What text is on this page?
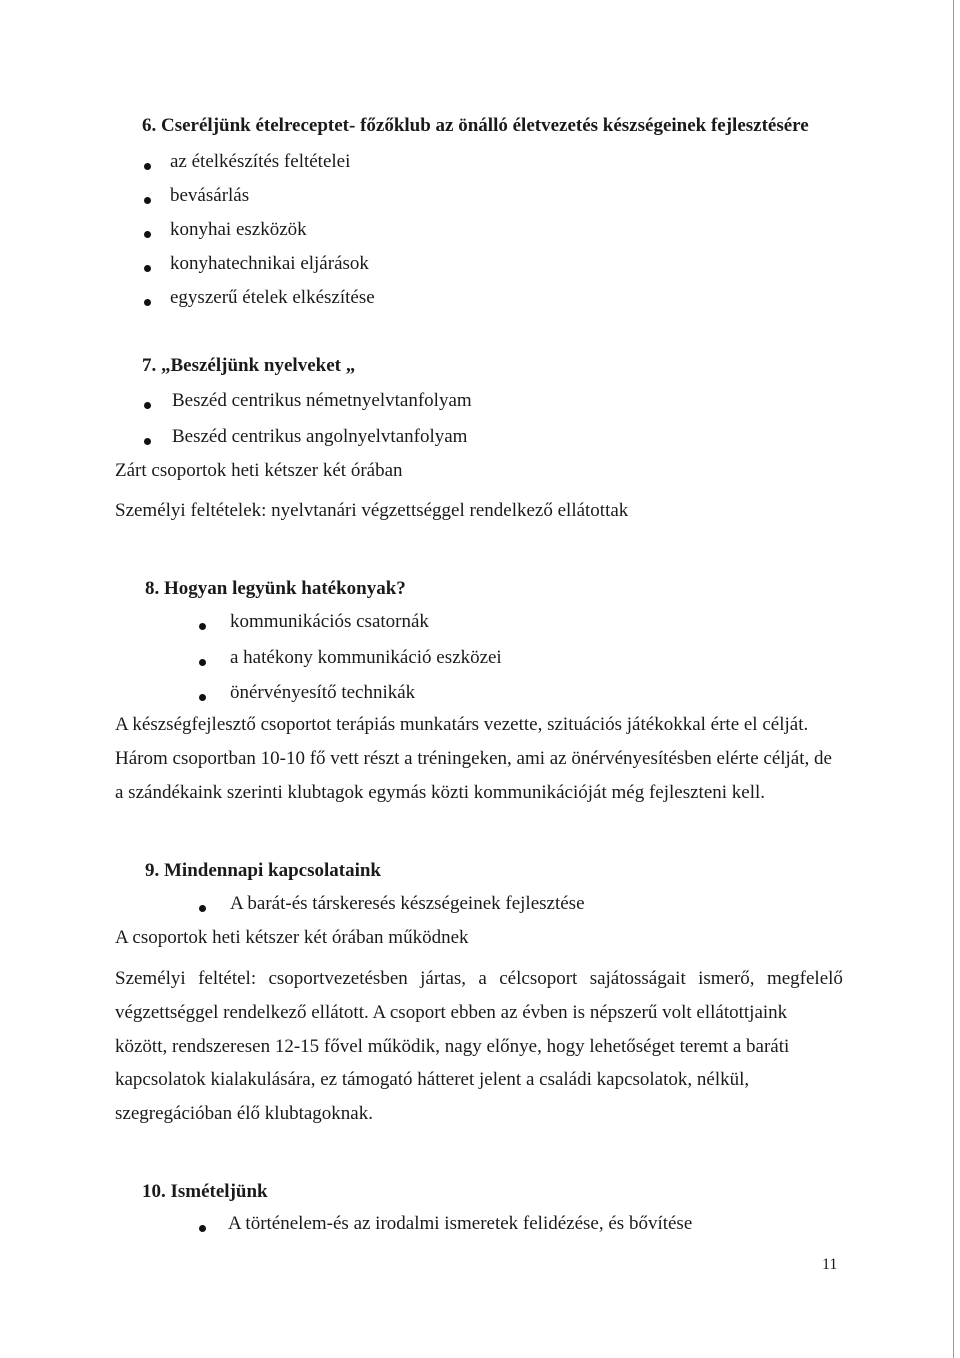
6. Cseréljünk ételreceptet- főzőklub az önálló életvezetés készségeinek fejlesztésére
az ételkészítés feltételei
bevásárlás
konyhai eszközök
konyhatechnikai eljárások
egyszerű ételek elkészítése
7. „Beszéljünk nyelveket „
Beszéd centrikus németnyelvtanfolyam
Beszéd centrikus angolnyelvtanfolyam
Zárt csoportok heti kétszer két órában
Személyi feltételek: nyelvtanári végzettséggel rendelkező ellátottak
8. Hogyan legyünk hatékonyak?
kommunikációs csatornák
a hatékony kommunikáció eszközei
önérvényesítő technikák
A készségfejlesztő csoportot terápiás munkatárs vezette, szituációs játékokkal érte el célját.
Három csoportban 10-10 fő vett részt a tréningeken, ami az önérvényesítésben elérte célját, de
a szándékaink szerinti klubtagok egymás közti kommunikációját még fejleszteni kell.
9. Mindennapi kapcsolataink
A barát-és társkeresés készségeinek fejlesztése
A csoportok heti kétszer két órában működnek
Személyi feltétel: csoportvezetésben jártas, a célcsoport sajátosságait ismerő, megfelelő
végzettséggel rendelkező ellátott. A csoport ebben az évben is népszerű volt ellátottjaink
között, rendszeresen 12-15 fővel működik, nagy előnye, hogy lehetőséget teremt a baráti
kapcsolatok kialakulására, ez támogató hátteret jelent a családi kapcsolatok, nélkül,
szegregációban élő klubtagoknak.
10. Ismételjünk
A történelem-és az irodalmi ismeretek felidézése, és bővítése
11
